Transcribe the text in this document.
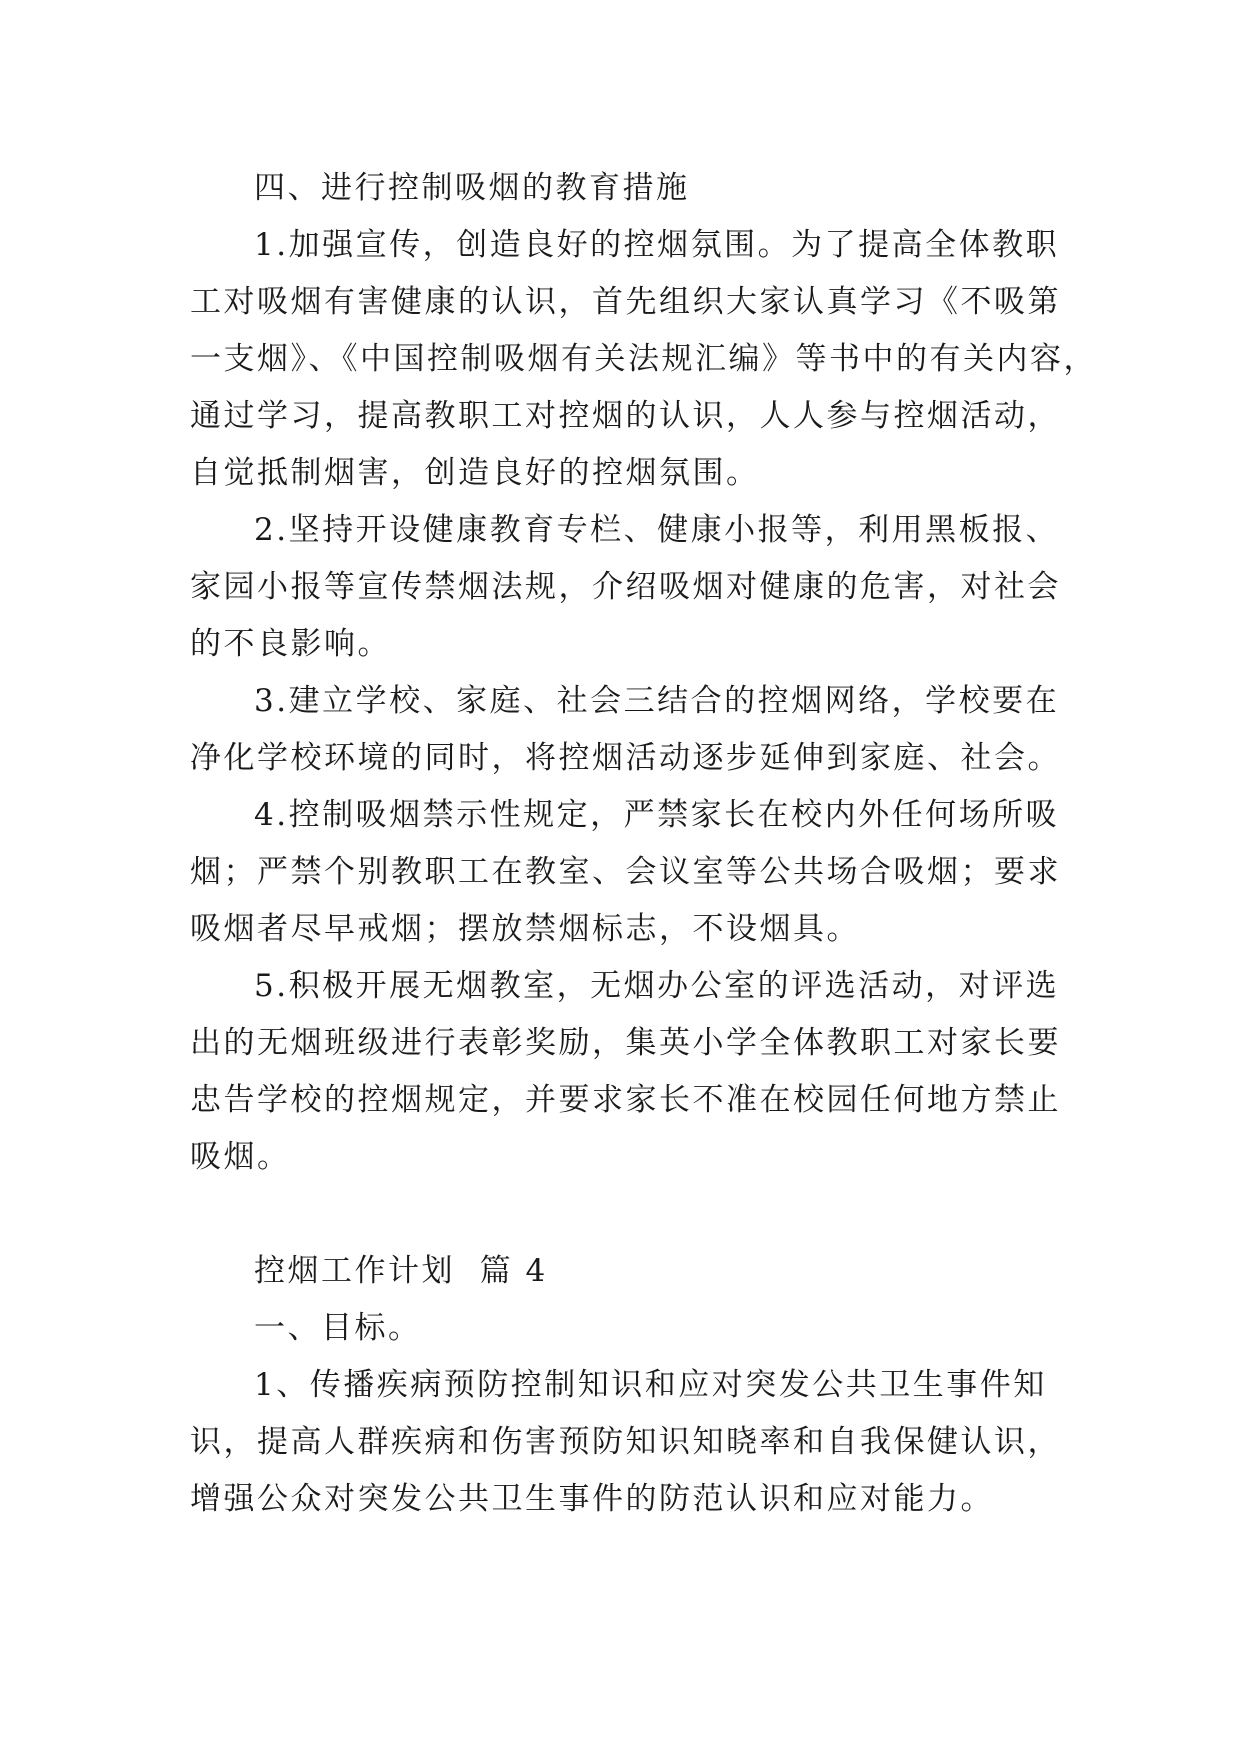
四、进行控制吸烟的教育措施
1.加强宣传，创造良好的控烟氛围。为了提高全体教职
工对吸烟有害健康的认识，首先组织大家认真学习《不吸第
一支烟》、《中国控制吸烟有关法规汇编》等书中的有关内容，
通过学习，提高教职工对控烟的认识，人人参与控烟活动，
自觉抵制烟害，创造良好的控烟氛围。
2.坚持开设健康教育专栏、健康小报等，利用黑板报、
家园小报等宣传禁烟法规，介绍吸烟对健康的危害，对社会
的不良影响。
3.建立学校、家庭、社会三结合的控烟网络，学校要在
净化学校环境的同时，将控烟活动逐步延伸到家庭、社会。
4.控制吸烟禁示性规定，严禁家长在校内外任何场所吸
烟；严禁个别教职工在教室、会议室等公共场合吸烟；要求
吸烟者尽早戒烟；摆放禁烟标志，不设烟具。
5.积极开展无烟教室，无烟办公室的评选活动，对评选
出的无烟班级进行表彰奖励，集英小学全体教职工对家长要
忠告学校的控烟规定，并要求家长不准在校园任何地方禁止
吸烟。
控烟工作计划  篇 4
一、目标。
1、传播疾病预防控制知识和应对突发公共卫生事件知
识，提高人群疾病和伤害预防知识知晓率和自我保健认识，
增强公众对突发公共卫生事件的防范认识和应对能力。
